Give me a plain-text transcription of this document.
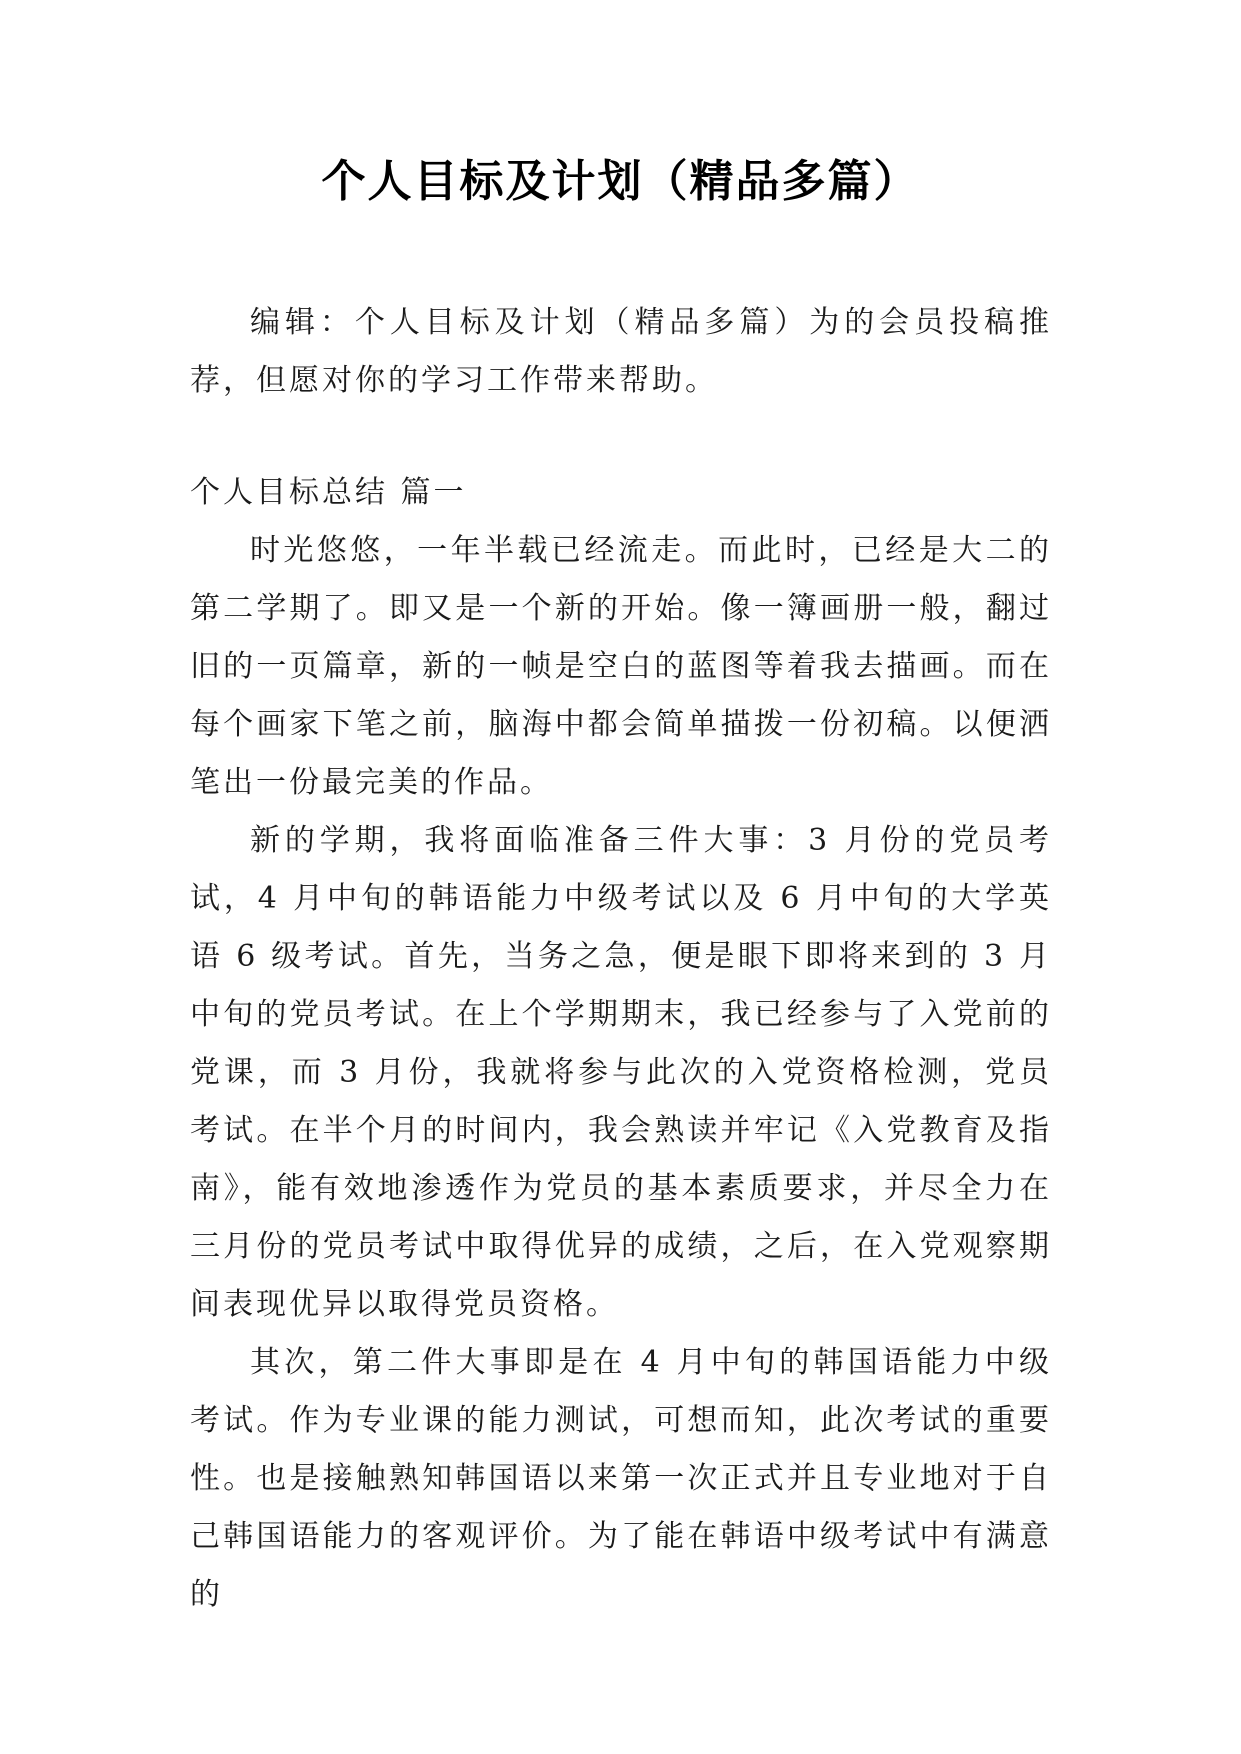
个人目标及计划（精品多篇）

编辑：个人目标及计划（精品多篇）为的会员投稿推荐，但愿对你的学习工作带来帮助。

个人目标总结 篇一

时光悠悠，一年半载已经流走。而此时，已经是大二的第二学期了。即又是一个新的开始。像一簿画册一般，翻过旧的一页篇章，新的一帧是空白的蓝图等着我去描画。而在每个画家下笔之前，脑海中都会简单描拨一份初稿。以便洒笔出一份最完美的作品。

新的学期，我将面临准备三件大事：3 月份的党员考试，4 月中旬的韩语能力中级考试以及 6 月中旬的大学英语 6 级考试。首先，当务之急，便是眼下即将来到的 3 月中旬的党员考试。在上个学期期末，我已经参与了入党前的党课，而 3 月份，我就将参与此次的入党资格检测，党员考试。在半个月的时间内，我会熟读并牢记《入党教育及指南》，能有效地渗透作为党员的基本素质要求，并尽全力在三月份的党员考试中取得优异的成绩，之后，在入党观察期间表现优异以取得党员资格。

其次，第二件大事即是在 4 月中旬的韩国语能力中级考试。作为专业课的能力测试，可想而知，此次考试的重要性。也是接触熟知韩国语以来第一次正式并且专业地对于自己韩国语能力的客观评价。为了能在韩语中级考试中有满意的
